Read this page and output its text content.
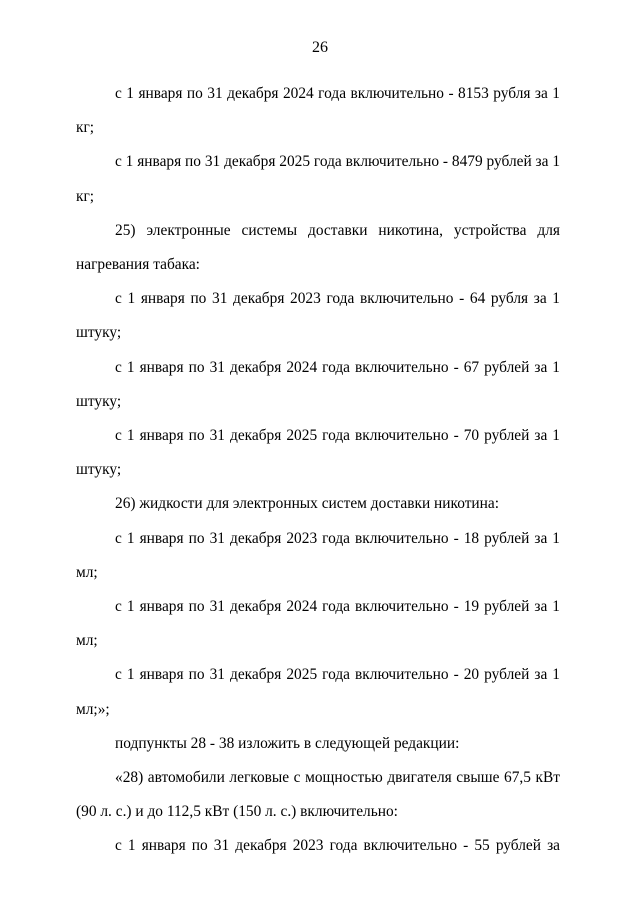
26

с 1 января по 31 декабря 2024 года включительно - 8153 рубля за 1 кг;

с 1 января по 31 декабря 2025 года включительно - 8479 рублей за 1 кг;

25) электронные системы доставки никотина, устройства для нагревания табака:

с 1 января по 31 декабря 2023 года включительно - 64 рубля за 1 штуку;

с 1 января по 31 декабря 2024 года включительно - 67 рублей за 1 штуку;

с 1 января по 31 декабря 2025 года включительно - 70 рублей за 1 штуку;

26) жидкости для электронных систем доставки никотина:

с 1 января по 31 декабря 2023 года включительно - 18 рублей за 1 мл;

с 1 января по 31 декабря 2024 года включительно - 19 рублей за 1 мл;

с 1 января по 31 декабря 2025 года включительно - 20 рублей за 1 мл;»;

подпункты 28 - 38 изложить в следующей редакции:

«28) автомобили легковые с мощностью двигателя свыше 67,5 кВт (90 л. с.) и до 112,5 кВт (150 л. с.) включительно:

с 1 января по 31 декабря 2023 года включительно - 55 рублей за
